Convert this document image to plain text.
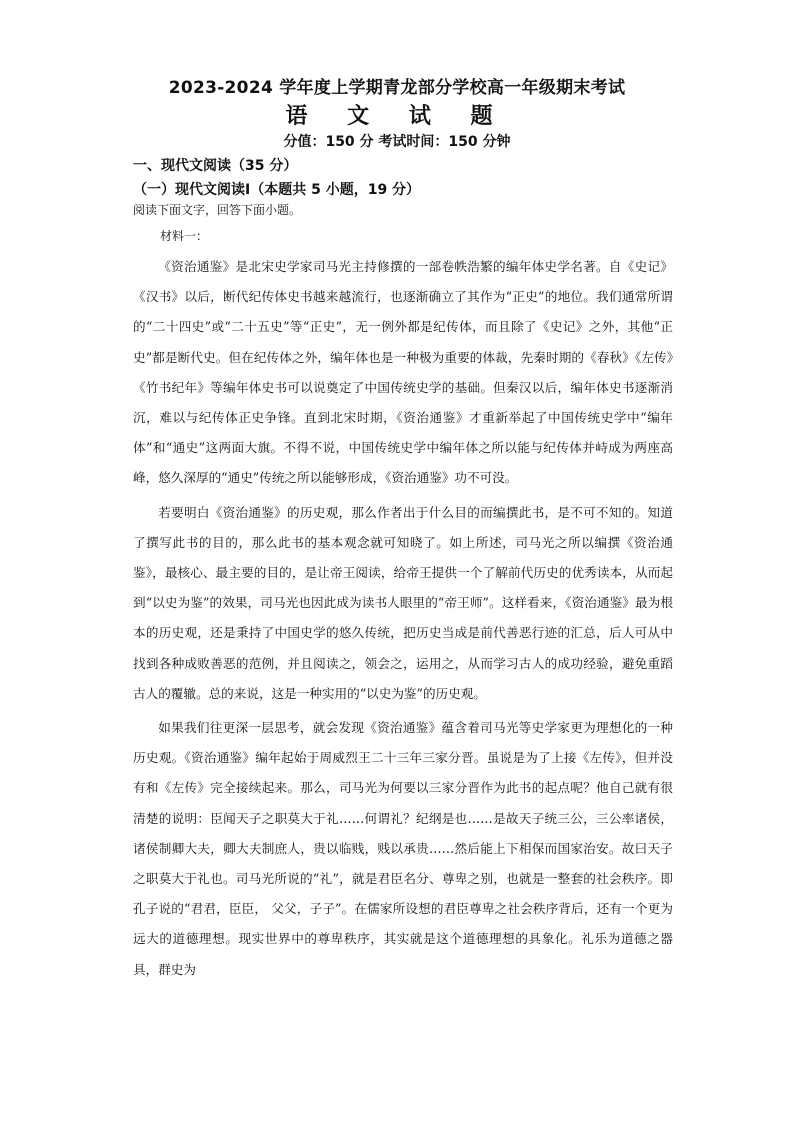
2023-2024 学年度上学期青龙部分学校高一年级期末考试
语 文 试 题
分值：150 分 考试时间：150 分钟
一、现代文阅读（35 分）
（一）现代文阅读Ⅰ（本题共 5 小题，19 分）
阅读下面文字，回答下面小题。
材料一：

《资治通鉴》是北宋史学家司马光主持修撰的一部卷帙浩繁的编年体史学名著。自《史记》《汉书》以后，断代纪传体史书越来越流行，也逐渐确立了其作为“正史”的地位。我们通常所谓的“二十四史”或“二十五史”等“正史”，无一例外都是纪传体，而且除了《史记》之外，其他“正史”都是断代史。但在纪传体之外，编年体也是一种极为重要的体裁，先秦时期的《春秋》《左传》《竹书纪年》等编年体史书可以说奠定了中国传统史学的基础。但秦汉以后，编年体史书逐渐消沉，难以与纪传体正史争锋。直到北宋时期，《资治通鉴》才重新举起了中国传统史学中“编年体”和“通史”这两面大旗。不得不说，中国传统史学中编年体之所以能与纪传体并峙成为两座高峰，悠久深厚的“通史”传统之所以能够形成，《资治通鉴》功不可没。

若要明白《资治通鉴》的历史观，那么作者出于什么目的而编撰此书，是不可不知的。知道了撰写此书的目的，那么此书的基本观念就可知晓了。如上所述，司马光之所以编撰《资治通鉴》，最核心、最主要的目的，是让帝王阅读，给帝王提供一个了解前代历史的优秀读本，从而起到“以史为鉴”的效果，司马光也因此成为读书人眼里的“帝王师”。这样看来，《资治通鉴》最为根本的历史观，还是秉持了中国史学的悠久传统，把历史当成是前代善恶行迹的汇总，后人可从中找到各种成败善恶的范例，并且阅读之，领会之，运用之，从而学习古人的成功经验，避免重蹈古人的覆辙。总的来说，这是一种实用的“以史为鉴”的历史观。

如果我们往更深一层思考，就会发现《资治通鉴》蕴含着司马光等史学家更为理想化的一种历史观。《资治通鉴》编年起始于周威烈王二十三年三家分晋。虽说是为了上接《左传》，但并没有和《左传》完全接续起来。那么，司马光为何要以三家分晋作为此书的起点呢？他自己就有很清楚的说明：臣闻天子之职莫大于礼……何谓礼？纪纲是也……是故天子统三公，三公率诸侯，诸侯制卿大夫，卿大夫制庶人，贵以临贱，贱以承贵……然后能上下相保而国家治安。故曰天子之职莫大于礼也。司马光所说的“礼”，就是君臣名分、尊卑之别，也就是一整套的社会秩序。即孔子说的“君君，臣臣， 父父，子子”。在儒家所设想的君臣尊卑之社会秩序背后，还有一个更为远大的道德理想。现实世界中的尊卑秩序，其实就是这个道德理想的具象化。礼乐为道德之器具，群史为
